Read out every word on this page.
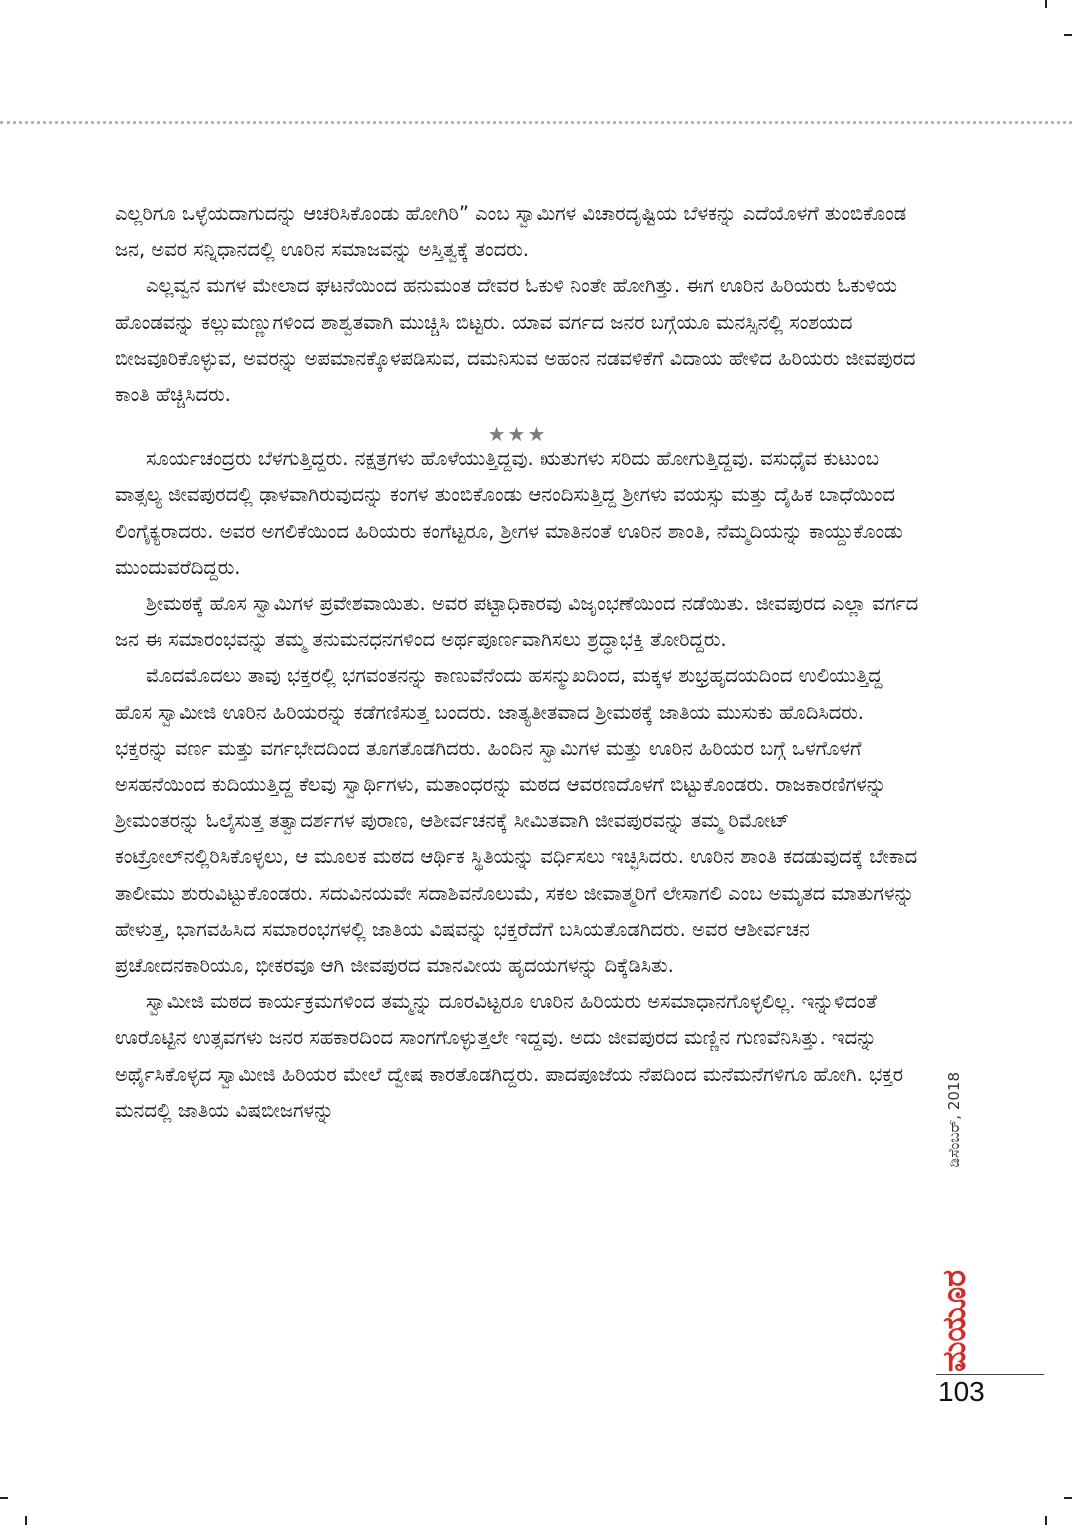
ಎಲ್ಲರಿಗೂ ಒಳ್ಳೆಯದಾಗುದನ್ನು ಆಚರಿಸಿಕೊಂಡು ಹೋಗಿರಿ” ಎಂಬ ಸ್ವಾಮಿಗಳ ವಿಚಾರದೃಷ್ಟಿಯ ಬೆಳಕನ್ನು ಎದೆಯೊಳಗೆ ತುಂಬಿಕೊಂಡ ಜನ, ಅವರ ಸನ್ನಿಧಾನದಲ್ಲಿ ಊರಿನ ಸಮಾಜವನ್ನು ಅಸ್ತಿತ್ವಕ್ಕೆ ತಂದರು.

ಎಲ್ಲವ್ವನ ಮಗಳ ಮೇಲಾದ ಘಟನೆಯಿಂದ ಹನುಮಂತ ದೇವರ ಓಕುಳಿ ನಿಂತೇ ಹೋಗಿತ್ತು. ಈಗ ಊರಿನ ಹಿರಿಯರು ಓಕುಳಿಯ ಹೊಂಡವನ್ನು ಕಲ್ಲುಮಣ್ಣುಗಳಿಂದ ಶಾಶ್ವತವಾಗಿ ಮುಚ್ಚಿಸಿ ಬಿಟ್ಟರು. ಯಾವ ವರ್ಗದ ಜನರ ಬಗ್ಗೆಯೂ ಮನಸ್ಸಿನಲ್ಲಿ ಸಂಶಯದ ಬೀಜವೂರಿಕೊಳ್ಳುವ, ಅವರನ್ನು ಅಪಮಾನಕ್ಕೊಳಪಡಿಸುವ, ದಮನಿಸುವ ಅಹಂನ ನಡವಳಿಕೆಗೆ ವಿದಾಯ ಹೇಳಿದ ಹಿರಿಯರು ಜೀವಪುರದ ಕಾಂತಿ ಹೆಚ್ಚಿಸಿದರು.

★★★

ಸೂರ್ಯಚಂದ್ರರು ಬೆಳಗುತ್ತಿದ್ದರು. ನಕ್ಷತ್ರಗಳು ಹೊಳೆಯುತ್ತಿದ್ದವು. ಋತುಗಳು ಸರಿದು ಹೋಗುತ್ತಿದ್ದವು. ವಸುಧೈವ ಕುಟುಂಬ ವಾತ್ಸಲ್ಯ ಜೀವಪುರದಲ್ಲಿ ಢಾಳವಾಗಿರುವುದನ್ನು ಕಂಗಳ ತುಂಬಿಕೊಂಡು ಆನಂದಿಸುತ್ತಿದ್ದ ಶ್ರೀಗಳು ವಯಸ್ಸು ಮತ್ತು ದೈಹಿಕ ಬಾಧೆಯಿಂದ ಲಿಂಗೈಕ್ಯರಾದರು. ಅವರ ಅಗಲಿಕೆಯಿಂದ ಹಿರಿಯರು ಕಂಗೆಟ್ಟರೂ, ಶ್ರೀಗಳ ಮಾತಿನಂತೆ ಊರಿನ ಶಾಂತಿ, ನೆಮ್ಮದಿಯನ್ನು ಕಾಯ್ದುಕೊಂಡು ಮುಂದುವರೆದಿದ್ದರು.

ಶ್ರೀಮಠಕ್ಕೆ ಹೊಸ ಸ್ವಾಮಿಗಳ ಪ್ರವೇಶವಾಯಿತು. ಅವರ ಪಟ್ಟಾಧಿಕಾರವು ವಿಜೃಂಭಣೆಯಿಂದ ನಡೆಯಿತು. ಜೀವಪುರದ ಎಲ್ಲಾ ವರ್ಗದ ಜನ ಈ ಸಮಾರಂಭವನ್ನು ತಮ್ಮ ತನುಮನಧನಗಳಿಂದ ಅರ್ಥಪೂರ್ಣವಾಗಿಸಲು ಶ್ರದ್ಧಾಭಕ್ತಿ ತೋರಿದ್ದರು.

ಮೊದಮೊದಲು ತಾವು ಭಕ್ತರಲ್ಲಿ ಭಗವಂತನನ್ನು ಕಾಣುವೆನೆಂದು ಹಸನ್ಮುಖದಿಂದ, ಮಕ್ಕಳ ಶುಭ್ರಹೃದಯದಿಂದ ಉಲಿಯುತ್ತಿದ್ದ ಹೊಸ ಸ್ವಾಮೀಜಿ ಊರಿನ ಹಿರಿಯರನ್ನು ಕಡೆಗಣಿಸುತ್ತ ಬಂದರು. ಜಾತ್ಯತೀತವಾದ ಶ್ರೀಮಠಕ್ಕೆ ಜಾತಿಯ ಮುಸುಕು ಹೊದಿಸಿದರು. ಭಕ್ತರನ್ನು ವರ್ಣ ಮತ್ತು ವರ್ಗಭೇದದಿಂದ ತೂಗತೊಡಗಿದರು. ಹಿಂದಿನ ಸ್ವಾಮಿಗಳ ಮತ್ತು ಊರಿನ ಹಿರಿಯರ ಬಗ್ಗೆ ಒಳಗೊಳಗೆ ಅಸಹನೆಯಿಂದ ಕುದಿಯುತ್ತಿದ್ದ ಕೆಲವು ಸ್ವಾರ್ಥಿಗಳು, ಮತಾಂಧರನ್ನು ಮಠದ ಆವರಣದೊಳಗೆ ಬಿಟ್ಟುಕೊಂಡರು. ರಾಜಕಾರಣಿಗಳನ್ನು ಶ್ರೀಮಂತರನ್ನು ಓಲೈಸುತ್ತ ತತ್ವಾದರ್ಶಗಳ ಪುರಾಣ, ಆಶೀರ್ವಚನಕ್ಕೆ ಸೀಮಿತವಾಗಿ ಜೀವಪುರವನ್ನು ತಮ್ಮ ರಿಮೋಟ್ ಕಂಟ್ರೋಲ್‌ನಲ್ಲಿರಿಸಿಕೊಳ್ಳಲು, ಆ ಮೂಲಕ ಮಠದ ಆರ್ಥಿಕ ಸ್ಥಿತಿಯನ್ನು ವರ್ಧಿಸಲು ಇಚ್ಛಿಸಿದರು. ಊರಿನ ಶಾಂತಿ ಕದಡುವುದಕ್ಕೆ ಬೇಕಾದ ತಾಲೀಮು ಶುರುವಿಟ್ಟುಕೊಂಡರು. ಸದುವಿನಯವೇ ಸದಾಶಿವನೊಲುಮೆ, ಸಕಲ ಜೀವಾತ್ಮರಿಗೆ ಲೇಸಾಗಲಿ ಎಂಬ ಅಮೃತದ ಮಾತುಗಳನ್ನು ಹೇಳುತ್ತ, ಭಾಗವಹಿಸಿದ ಸಮಾರಂಭಗಳಲ್ಲಿ ಜಾತಿಯ ವಿಷವನ್ನು ಭಕ್ತರೆದೆಗೆ ಬಸಿಯತೊಡಗಿದರು. ಅವರ ಆಶೀರ್ವಚನ ಪ್ರಚೋದನಕಾರಿಯೂ, ಭೀಕರವೂ ಆಗಿ ಜೀವಪುರದ ಮಾನವೀಯ ಹೃದಯಗಳನ್ನು ದಿಕ್ಕೆಡಿಸಿತು.

ಸ್ವಾಮೀಜಿ ಮಠದ ಕಾರ್ಯಕ್ರಮಗಳಿಂದ ತಮ್ಮನ್ನು ದೂರವಿಟ್ಟರೂ ಊರಿನ ಹಿರಿಯರು ಅಸಮಾಧಾನಗೊಳ್ಳಲಿಲ್ಲ. ಇನ್ನುಳಿದಂತೆ ಊರೊಟ್ಟಿನ ಉತ್ಸವಗಳು ಜನರ ಸಹಕಾರದಿಂದ ಸಾಂಗಗೊಳ್ಳುತ್ತಲೇ ಇದ್ದವು. ಅದು ಜೀವಪುರದ ಮಣ್ಣಿನ ಗುಣವೆನಿಸಿತ್ತು. ಇದನ್ನು ಅರ್ಥೈಸಿಕೊಳ್ಳದ ಸ್ವಾಮೀಜಿ ಹಿರಿಯರ ಮೇಲೆ ದ್ವೇಷ ಕಾರತೊಡಗಿದ್ದರು. ಪಾದಪೂಜೆಯ ನೆಪದಿಂದ ಮನೆಮನೆಗಳಿಗೂ ಹೋಗಿ. ಭಕ್ತರ ಮನದಲ್ಲಿ ಜಾತಿಯ ವಿಷಬೀಜಗಳನ್ನು

ಮಯೂರ
ಡಿಸೆಂಬರ್, 2018
103
